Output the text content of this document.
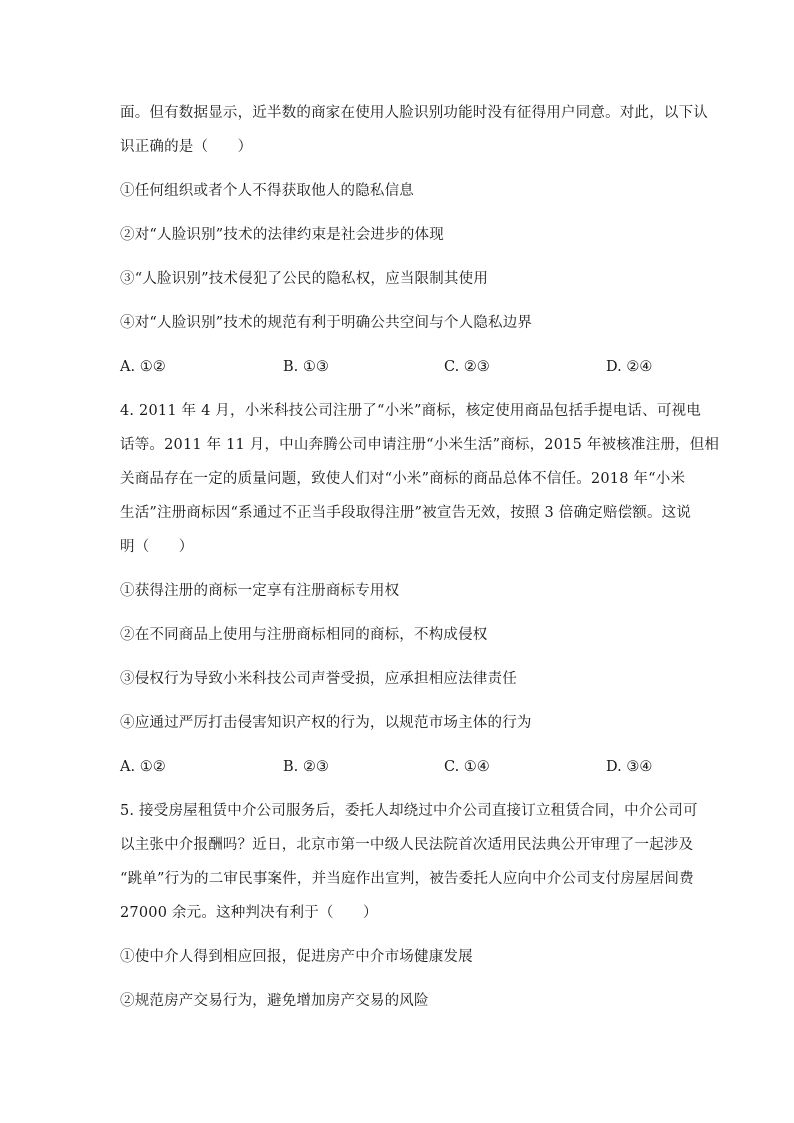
面。但有数据显示，近半数的商家在使用人脸识别功能时没有征得用户同意。对此，以下认
识正确的是（　　）
①任何组织或者个人不得获取他人的隐私信息
②对“人脸识别”技术的法律约束是社会进步的体现
③“人脸识别”技术侵犯了公民的隐私权，应当限制其使用
④对“人脸识别”技术的规范有利于明确公共空间与个人隐私边界
A. ①②	B. ①③	C. ②③	D. ②④
4. 2011 年 4 月，小米科技公司注册了“小米”商标，核定使用商品包括手提电话、可视电
话等。2011 年 11 月，中山奔腾公司申请注册“小米生活”商标，2015 年被核准注册，但相
关商品存在一定的质量问题，致使人们对“小米”商标的商品总体不信任。2018 年“小米
生活”注册商标因“系通过不正当手段取得注册”被宣告无效，按照 3 倍确定赔偿额。这说
明（　　）
①获得注册的商标一定享有注册商标专用权
②在不同商品上使用与注册商标相同的商标，不构成侵权
③侵权行为导致小米科技公司声誉受损，应承担相应法律责任
④应通过严厉打击侵害知识产权的行为，以规范市场主体的行为
A. ①②	B. ②③	C. ①④	D. ③④
5. 接受房屋租赁中介公司服务后，委托人却绕过中介公司直接订立租赁合同，中介公司可
以主张中介报酬吗？近日，北京市第一中级人民法院首次适用民法典公开审理了一起涉及
“跳单”行为的二审民事案件，并当庭作出宣判，被告委托人应向中介公司支付房屋居间费
27000 余元。这种判决有利于（　　）
①使中介人得到相应回报，促进房产中介市场健康发展
②规范房产交易行为，避免增加房产交易的风险
